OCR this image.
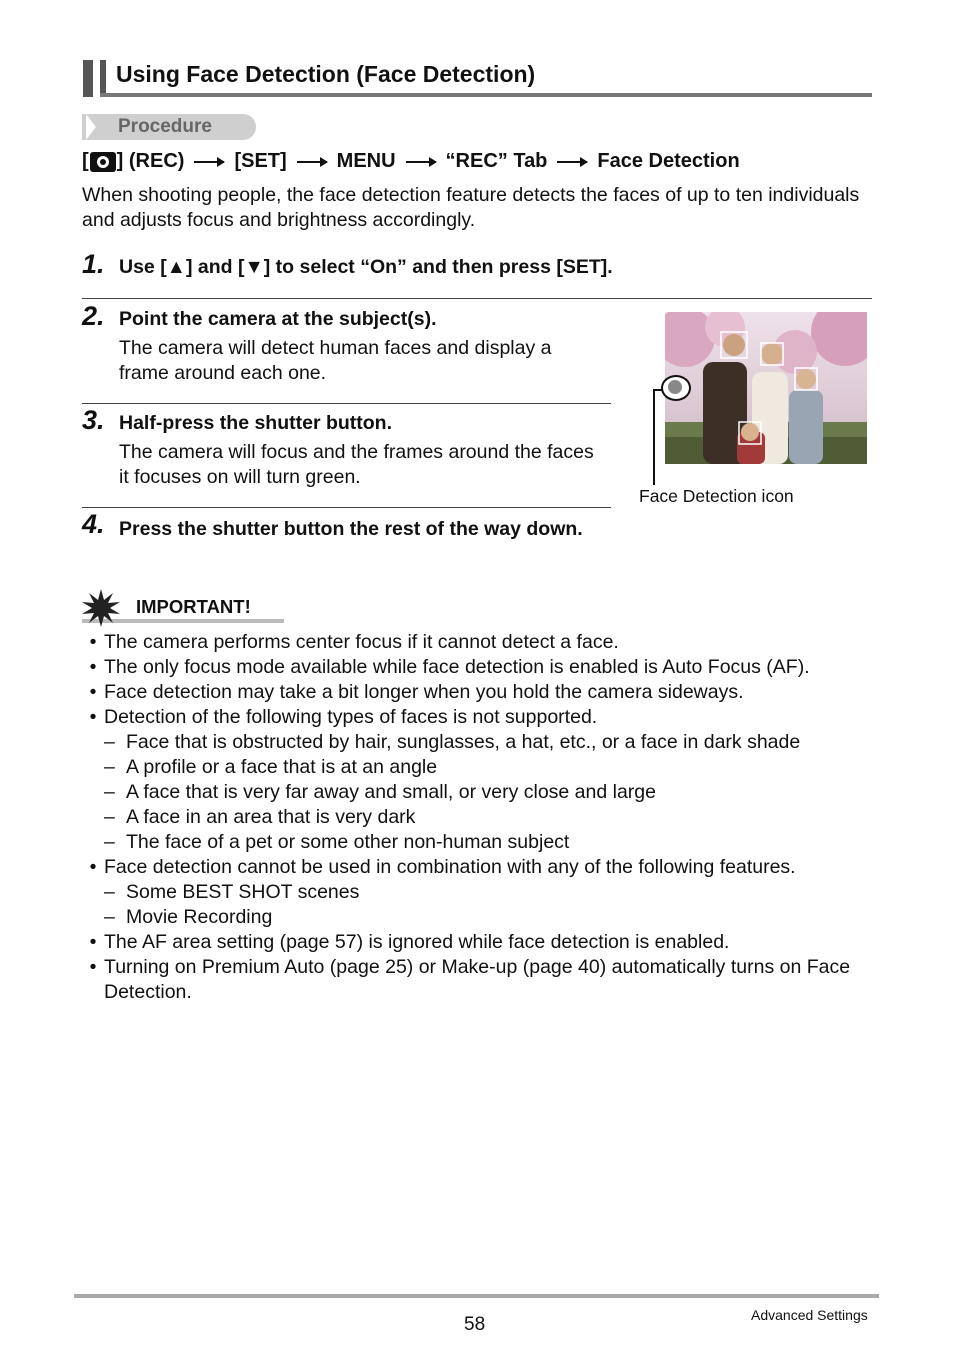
Using Face Detection (Face Detection)
Procedure
[ ] (REC)	[SET]	MENU	“REC” Tab	Face Detection
When shooting people, the face detection feature detects the faces of up to ten individuals and adjusts focus and brightness accordingly.
1. Use [▲] and [▼] to select “On” and then press [SET].
2. Point the camera at the subject(s).
The camera will detect human faces and display a frame around each one.
3. Half-press the shutter button.
The camera will focus and the frames around the faces it focuses on will turn green.
4. Press the shutter button the rest of the way down.
Face Detection icon
IMPORTANT!
• The camera performs center focus if it cannot detect a face.
• The only focus mode available while face detection is enabled is Auto Focus (AF).
• Face detection may take a bit longer when you hold the camera sideways.
• Detection of the following types of faces is not supported.
– Face that is obstructed by hair, sunglasses, a hat, etc., or a face in dark shade
– A profile or a face that is at an angle
– A face that is very far away and small, or very close and large
– A face in an area that is very dark
– The face of a pet or some other non-human subject
• Face detection cannot be used in combination with any of the following features.
– Some BEST SHOT scenes
– Movie Recording
• The AF area setting (page 57) is ignored while face detection is enabled.
• Turning on Premium Auto (page 25) or Make-up (page 40) automatically turns on Face Detection.
58	Advanced Settings
